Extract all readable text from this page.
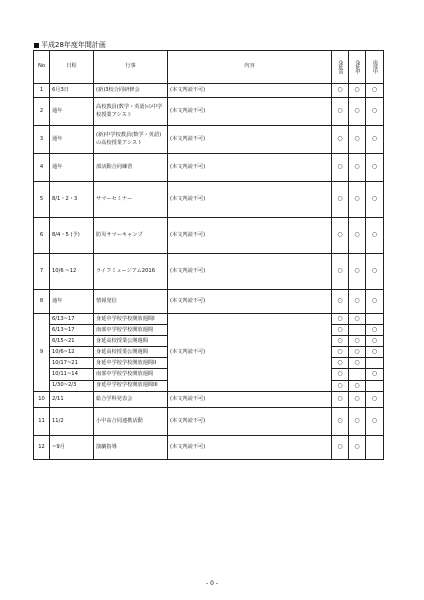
平成28年度年間計画
No	日程	行事	内容	身延高	身延中	南部中

1	6月3日	(新)3校合同研修会	(本文判読不可)	○	○	○
2	通年	高校教員(数学・英語)の中学校授業アシスト	(本文判読不可)	○	○	○
3	通年	(新)中学校教員(数学・英語)の高校授業アシスト	(本文判読不可)	○	○	○
4	通年	部活動合同練習	(本文判読不可)	○	○	○
5	8/1・2・3	サマーセミナー	(本文判読不可)	○	○	○
6	8/4・5 (予)	防災サマーキャンプ	(本文判読不可)	○	○	○
7	10/6 ~12	ライフミュージアム2016	(本文判読不可)	○	○	○
8	通年	情報発信	(本文判読不可)	○	○	○
9	6/13~17	身延中学校学校開放週間I	(本文判読不可)	○	○	
	6/13~17	南部中学校学校開放週間		○		○
	6/15~21	身延高校授業公開週間		○	○	○
	10/6~12	身延高校授業公開週間		○	○	○
	10/17~21	身延中学校学校開放週間II		○	○	
	10/11~14	南部中学校学校開放週間		○		○
	1/30~2/3	身延中学校学校開放週間III		○	○	
10	2/11	総合学科発表会	(本文判読不可)	○	○	○
11	11/2	小中高合同連携活動	(本文判読不可)	○	○	○
12	~9月	演劇指導	(本文判読不可)	○	○	
- 0 -
